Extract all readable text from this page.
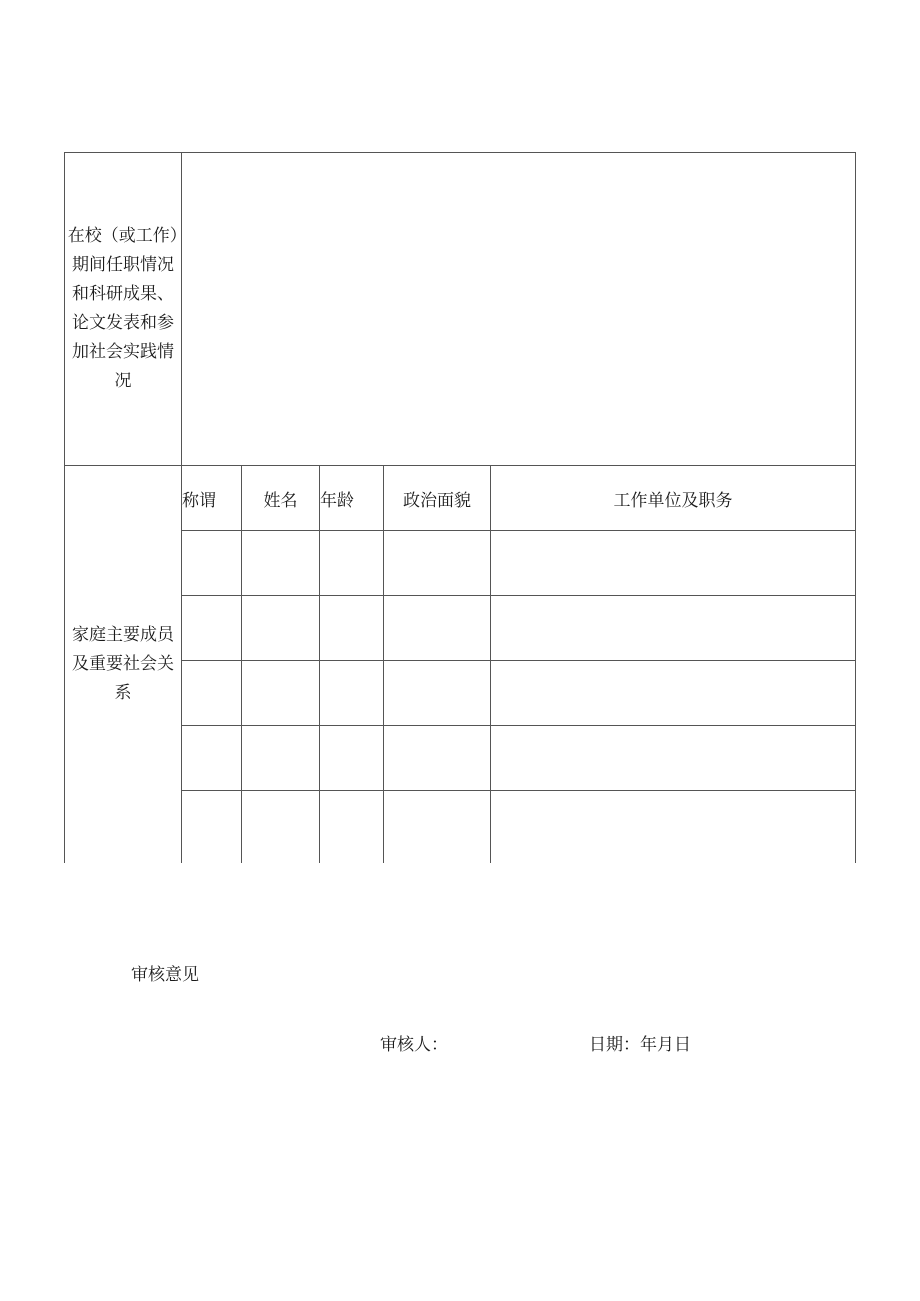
在校（或工作）期间任职情况和科研成果、论文发表和参加社会实践情况					

家庭主要成员及重要社会关系	称谓	姓名	年龄	政治面貌	工作单位及职务

审核意见
审核人：	日期：年月日
